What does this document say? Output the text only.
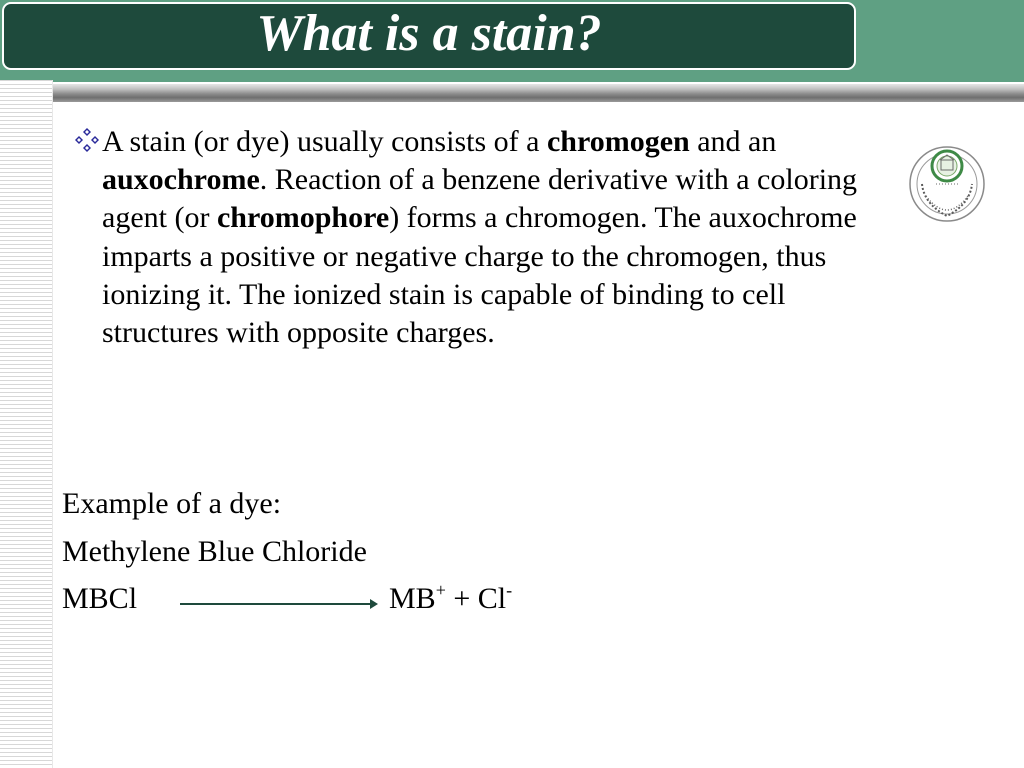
What is a stain?
A stain (or dye) usually consists of a chromogen and an auxochrome. Reaction of a benzene derivative with a coloring agent (or chromophore) forms a chromogen. The auxochrome imparts a positive or negative charge to the chromogen, thus ionizing it. The ionized stain is capable of binding to cell structures with opposite charges.
Example of a dye:
Methylene Blue Chloride
MBCl	MB+ + Cl-
